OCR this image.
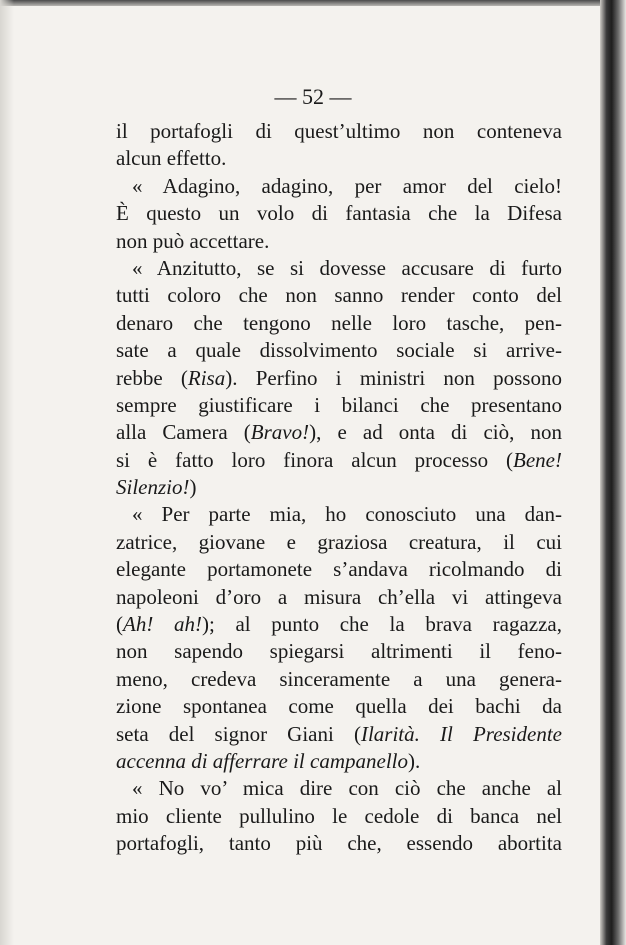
— 52 —
il portafogli di quest’ultimo non conteneva
alcun effetto.
« Adagino, adagino, per amor del cielo!
È questo un volo di fantasia che la Difesa
non può accettare.
« Anzitutto, se si dovesse accusare di furto
tutti coloro che non sanno render conto del
denaro che tengono nelle loro tasche, pen-
sate a quale dissolvimento sociale si arrive-
rebbe (Risa). Perfino i ministri non possono
sempre giustificare i bilanci che presentano
alla Camera (Bravo!), e ad onta di ciò, non
si è fatto loro finora alcun processo (Bene!
Silenzio!)
« Per parte mia, ho conosciuto una dan-
zatrice, giovane e graziosa creatura, il cui
elegante portamonete s’andava ricolmando di
napoleoni d’oro a misura ch’ella vi attingeva
(Ah! ah!); al punto che la brava ragazza,
non sapendo spiegarsi altrimenti il feno-
meno, credeva sinceramente a una genera-
zione spontanea come quella dei bachi da
seta del signor Giani (Ilarità. Il Presidente
accenna di afferrare il campanello).
« No vo’ mica dire con ciò che anche al
mio cliente pullulino le cedole di banca nel
portafogli, tanto più che, essendo abortita
